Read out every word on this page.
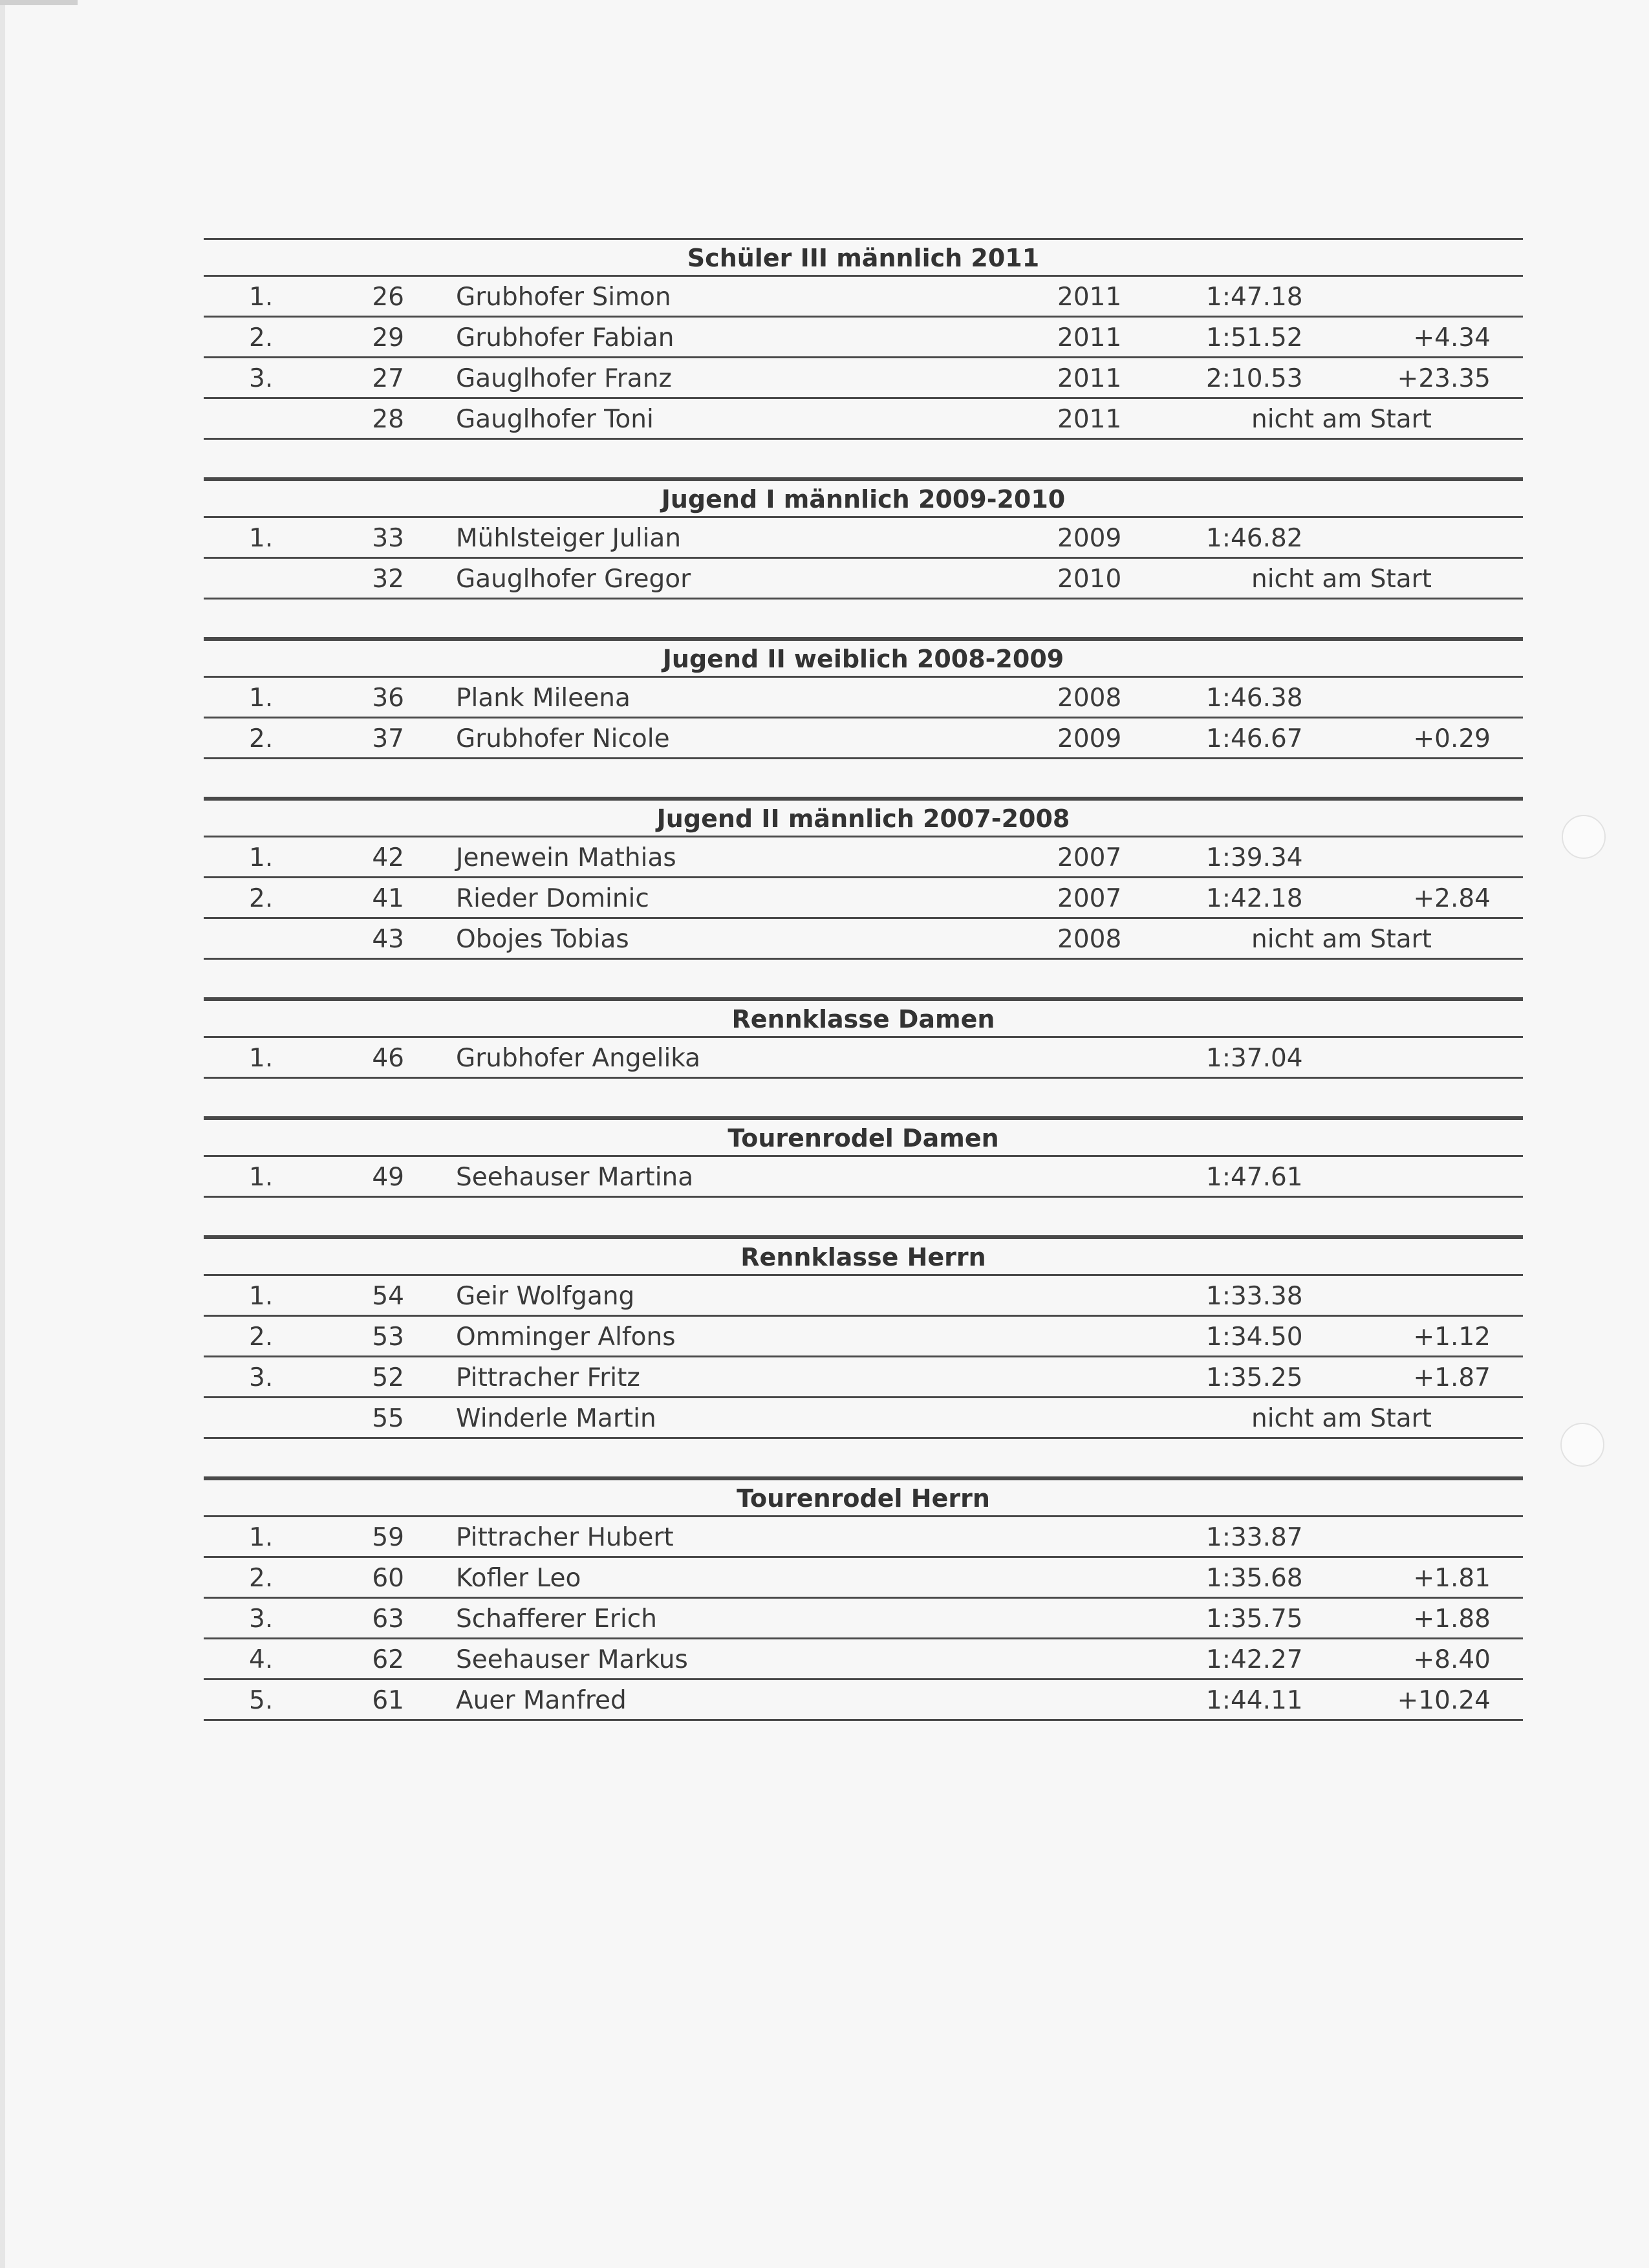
Schüler III männlich 2011
1.	26 Grubhofer Simon	2011	1:47.18
2.	29 Grubhofer Fabian	2011	1:51.52	+4.34
3.	27 Gauglhofer Franz	2011	2:10.53	+23.35
28 Gauglhofer Toni	2011	nicht am Start
Jugend I männlich 2009-2010
1.	33 Mühlsteiger Julian	2009	1:46.82
32 Gauglhofer Gregor	2010	nicht am Start
Jugend II weiblich 2008-2009
1.	36 Plank Mileena	2008	1:46.38
2.	37 Grubhofer Nicole	2009	1:46.67	+0.29
Jugend II männlich 2007-2008
1.	42 Jenewein Mathias	2007	1:39.34
2.	41 Rieder Dominic	2007	1:42.18	+2.84
43 Obojes Tobias	2008	nicht am Start
Rennklasse Damen
1.	46 Grubhofer Angelika	1:37.04
Tourenrodel Damen
1.	49 Seehauser Martina	1:47.61
Rennklasse Herrn
1.	54 Geir Wolfgang	1:33.38
2.	53 Omminger Alfons	1:34.50	+1.12
3.	52 Pittracher Fritz	1:35.25	+1.87
55 Winderle Martin	nicht am Start
Tourenrodel Herrn
1.	59 Pittracher Hubert	1:33.87
2.	60 Kofler Leo	1:35.68	+1.81
3.	63 Schafferer Erich	1:35.75	+1.88
4.	62 Seehauser Markus	1:42.27	+8.40
5.	61 Auer Manfred	1:44.11	+10.24
